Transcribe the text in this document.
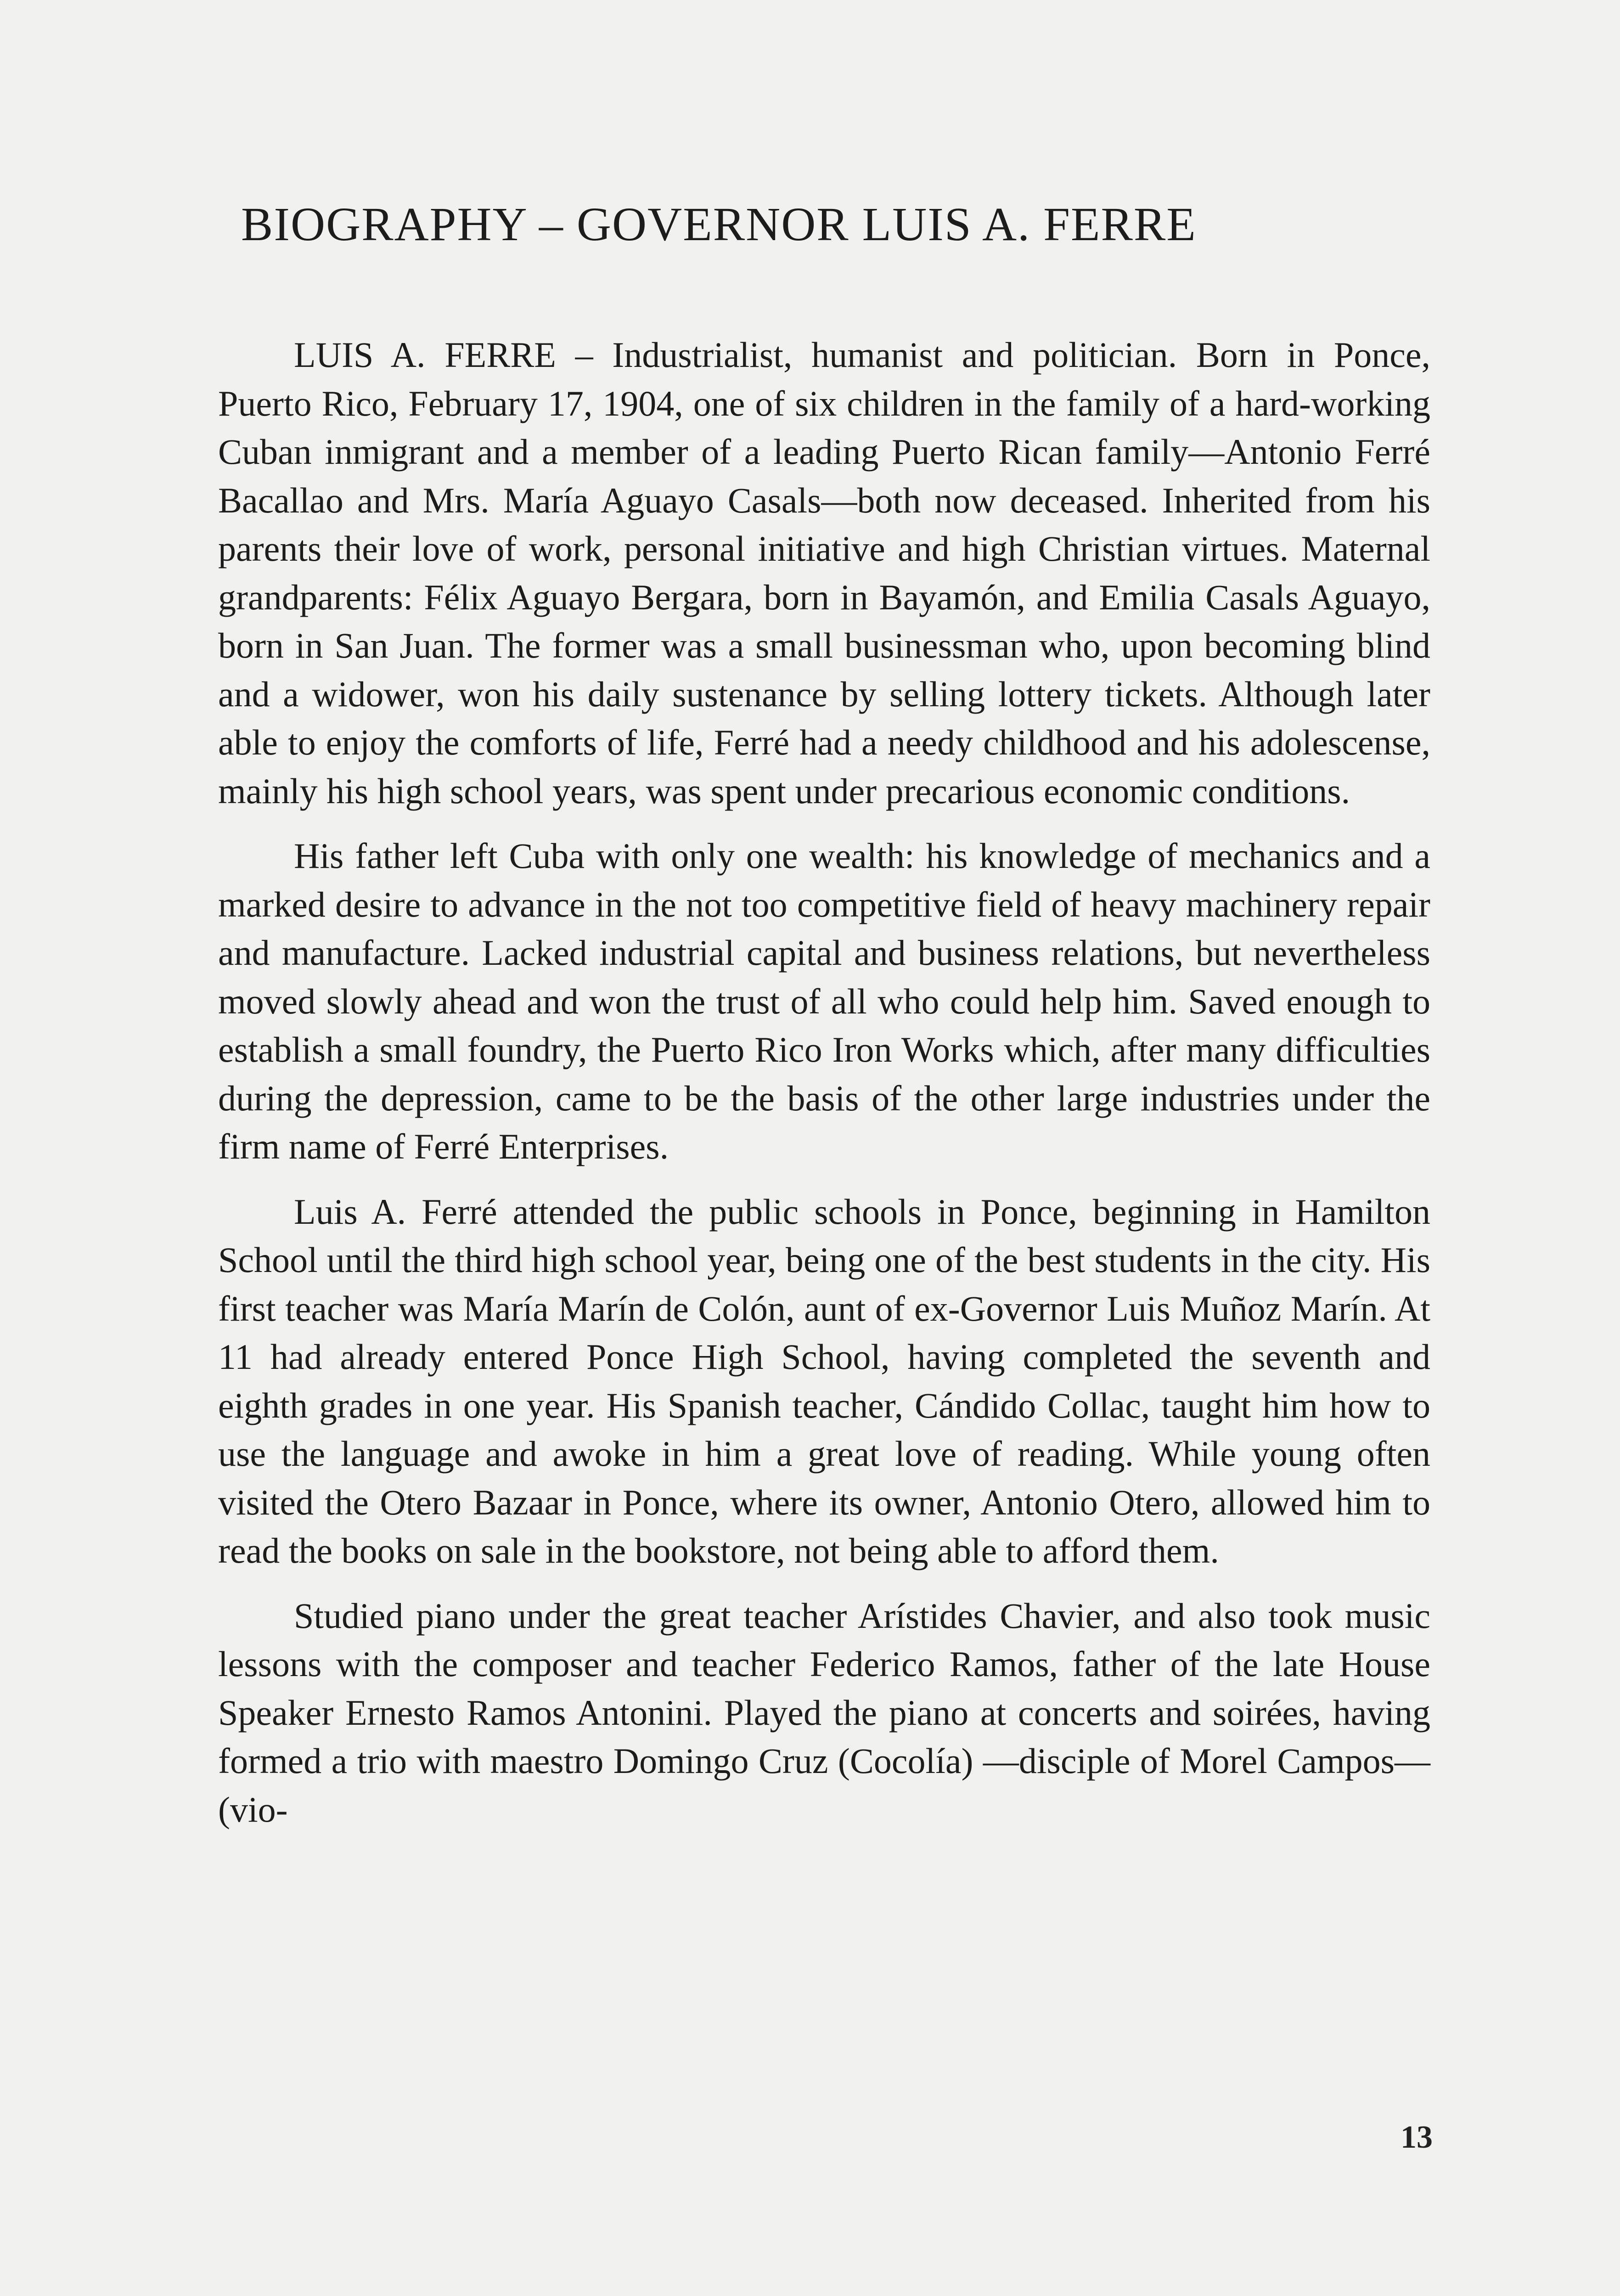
BIOGRAPHY – GOVERNOR LUIS A. FERRE

LUIS A. FERRE – Industrialist, humanist and politician. Born in Ponce, Puerto Rico, February 17, 1904, one of six children in the family of a hard-working Cuban inmigrant and a member of a leading Puerto Rican family—Antonio Ferré Bacallao and Mrs. María Aguayo Casals—both now deceased. Inherited from his parents their love of work, personal initiative and high Christian virtues. Maternal grandparents: Félix Aguayo Bergara, born in Bayamón, and Emilia Casals Aguayo, born in San Juan. The former was a small businessman who, upon becoming blind and a widower, won his daily sustenance by selling lottery tickets. Although later able to enjoy the comforts of life, Ferré had a needy childhood and his adolescense, mainly his high school years, was spent under precarious economic conditions.

His father left Cuba with only one wealth: his knowledge of mechanics and a marked desire to advance in the not too competitive field of heavy machinery repair and manufacture. Lacked industrial capital and business relations, but nevertheless moved slowly ahead and won the trust of all who could help him. Saved enough to establish a small foundry, the Puerto Rico Iron Works which, after many difficulties during the depression, came to be the basis of the other large industries under the firm name of Ferré Enterprises.

Luis A. Ferré attended the public schools in Ponce, beginning in Hamilton School until the third high school year, being one of the best students in the city. His first teacher was María Marín de Colón, aunt of ex-Governor Luis Muñoz Marín. At 11 had already entered Ponce High School, having completed the seventh and eighth grades in one year. His Spanish teacher, Cándido Collac, taught him how to use the language and awoke in him a great love of reading. While young often visited the Otero Bazaar in Ponce, where its owner, Antonio Otero, allowed him to read the books on sale in the bookstore, not being able to afford them.

Studied piano under the great teacher Arístides Chavier, and also took music lessons with the composer and teacher Federico Ramos, father of the late House Speaker Ernesto Ramos Antonini. Played the piano at concerts and soirées, having formed a trio with maestro Domingo Cruz (Cocolía) —disciple of Morel Campos— (vio-

13
